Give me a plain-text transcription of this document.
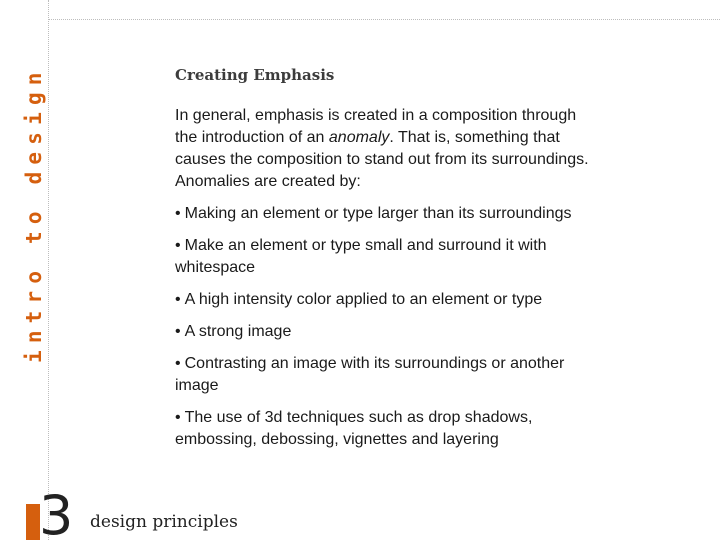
intro to design	Creating Emphasis

In general, emphasis is created in a composition through the introduction of an anomaly. That is, something that causes the composition to stand out from its surroundings. Anomalies are created by:

• Making an element or type larger than its surroundings
• Make an element or type small and surround it with whitespace
• A high intensity color applied to an element or type
• A strong image
• Contrasting an image with its surroundings or another image
• The use of 3d techniques such as drop shadows, embossing, debossing, vignettes and layering
3 design principles
